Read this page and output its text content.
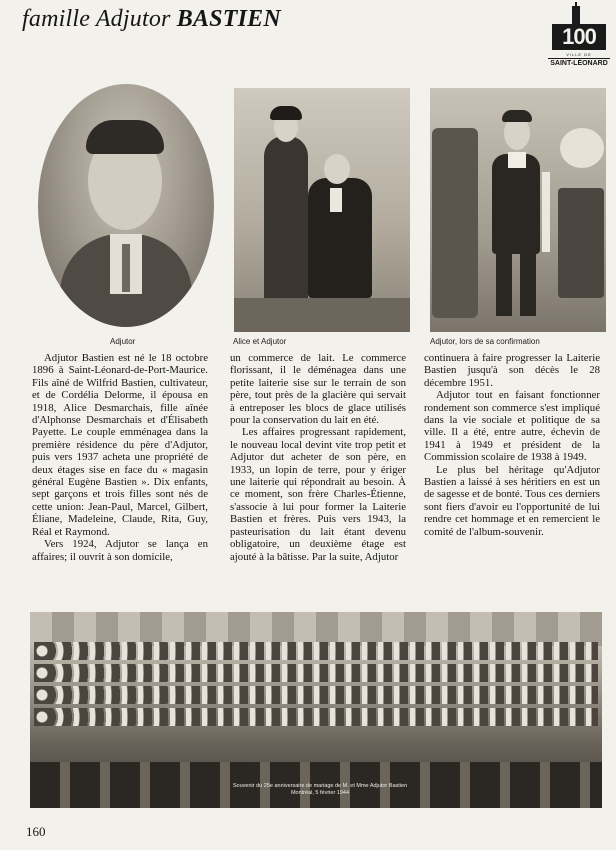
famille Adjutor BASTIEN
100
VILLE DE
SAINT-LÉONARD
Adjutor	Alice et Adjutor	Adjutor, lors de sa confirmation

Adjutor Bastien est né le 18 octobre 1896 à Saint-Léonard-de-Port-Maurice. Fils aîné de Wilfrid Bastien, cultivateur, et de Cordélia Delorme, il épousa en 1918, Alice Desmarchais, fille aînée d'Alphonse Desmarchais et d'Élisabeth Payette. Le couple emménagea dans la première résidence du père d'Adjutor, puis vers 1937 acheta une propriété de deux étages sise en face du « magasin général Eugène Bastien ». Dix enfants, sept garçons et trois filles sont nés de cette union: Jean-Paul, Marcel, Gilbert, Éliane, Madeleine, Claude, Rita, Guy, Réal et Raymond.

Vers 1924, Adjutor se lança en affaires; il ouvrit à son domicile,

un commerce de lait. Le commerce florissant, il le déménagea dans une petite laiterie sise sur le terrain de son père, tout près de la glacière qui servait à entreposer les blocs de glace utilisés pour la conservation du lait en été.

Les affaires progressant rapidement, le nouveau local devint vite trop petit et Adjutor dut acheter de son père, en 1933, un lopin de terre, pour y ériger une laiterie qui répondrait au besoin. À ce moment, son frère Charles-Étienne, s'associe à lui pour former la Laiterie Bastien et frères. Puis vers 1943, la pasteurisation du lait étant devenu obligatoire, un deuxième étage est ajouté à la bâtisse. Par la suite, Adjutor

continuera à faire progresser la Laiterie Bastien jusqu'à son décès le 28 décembre 1951.

Adjutor tout en faisant fonctionner rondement son commerce s'est impliqué dans la vie sociale et politique de sa ville. Il a été, entre autre, échevin de 1941 à 1949 et président de la Commission scolaire de 1938 à 1949.

Le plus bel héritage qu'Adjutor Bastien a laissé à ses héritiers en est un de sagesse et de bonté. Tous ces derniers sont fiers d'avoir eu l'opportunité de lui rendre cet hommage et en remercient le comité de l'album-souvenir.

Souvenir du 25e anniversaire de mariage de M. et Mme Adjutor Bastien
Montréal, 5 février 1944
160
